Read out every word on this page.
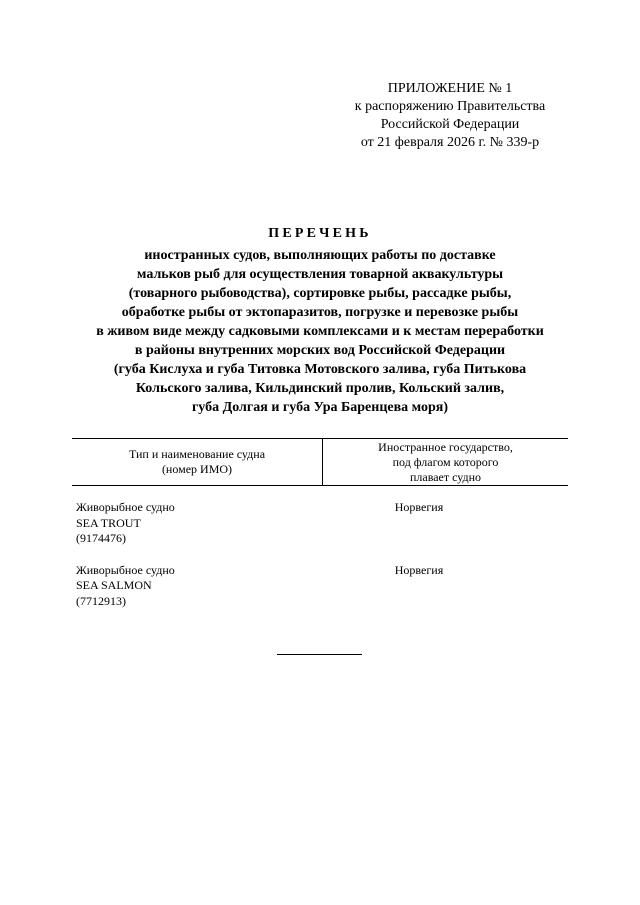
ПРИЛОЖЕНИЕ № 1
к распоряжению Правительства
Российской Федерации
от 21 февраля 2026 г. № 339-р
ПЕРЕЧЕНЬ
иностранных судов, выполняющих работы по доставке
мальков рыб для осуществления товарной аквакультуры
(товарного рыбоводства), сортировке рыбы, рассадке рыбы,
обработке рыбы от эктопаразитов, погрузке и перевозке рыбы
в живом виде между садковыми комплексами и к местам переработки
в районы внутренних морских вод Российской Федерации
(губа Кислуха и губа Титовка Мотовского залива, губа Питькова
Кольского залива, Кильдинский пролив, Кольский залив,
губа Долгая и губа Ура Баренцева моря)
Тип и наименование судна
(номер ИМО)
Иностранное государство,
под флагом которого
плавает судно
Живорыбное судно
SEA TROUT
(9174476)
Норвегия
Живорыбное судно
SEA SALMON
(7712913)
Норвегия
